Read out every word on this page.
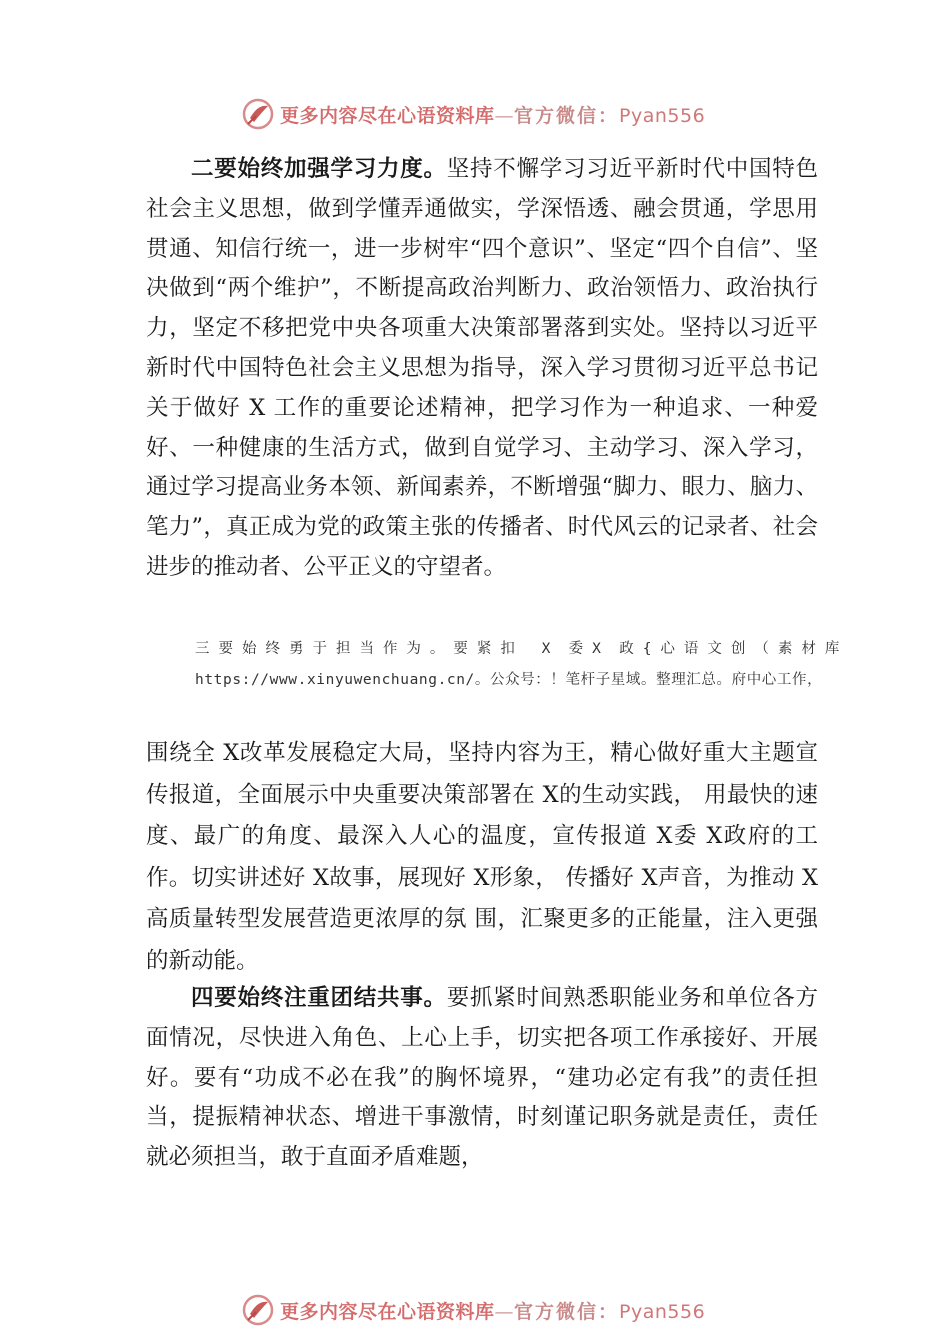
更多内容尽在心语资料库—官方微信：Pyan556

二要始终加强学习力度。坚持不懈学习习近平新时代中国特色社会主义思想，做到学懂弄通做实，学深悟透、融会贯通，学思用贯通、知信行统一，进一步树牢“四个意识”、坚定“四个自信”、坚决做到“两个维护”，不断提高政治判断力、政治领悟力、政治执行力，坚定不移把党中央各项重大决策部署落到实处。坚持以习近平新时代中国特色社会主义思想为指导，深入学习贯彻习近平总书记关于做好 X 工作的重要论述精神，把学习作为一种追求、一种爱好、一种健康的生活方式，做到自觉学习、主动学习、深入学习，通过学习提高业务本领、新闻素养，不断增强“脚力、眼力、脑力、笔力”，真正成为党的政策主张的传播者、时代风云的记录者、社会进步的推动者、公平正义的守望者。

三要始终勇于担当作为。要紧扣 X 委X 政{心语文创（素材库https://www.xinyuwenchuang.cn/。公众号：！笔杆子星域。整理汇总。府中心工作，

围绕全 X改革发展稳定大局，坚持内容为王，精心做好重大主题宣传报道，全面展示中央重要决策部署在 X的生动实践， 用最快的速度、最广的角度、最深入人心的温度，宣传报道 X委 X政府的工作。切实讲述好 X故事，展现好 X形象， 传播好 X声音，为推动 X高质量转型发展营造更浓厚的氛 围，汇聚更多的正能量，注入更强的新动能。

四要始终注重团结共事。要抓紧时间熟悉职能业务和单位各方面情况，尽快进入角色、上心上手，切实把各项工作承接好、开展好。要有“功成不必在我”的胸怀境界，“建功必定有我”的责任担当，提振精神状态、增进干事激情，时刻谨记职务就是责任，责任就必须担当，敢于直面矛盾难题，

更多内容尽在心语资料库—官方微信：Pyan556
